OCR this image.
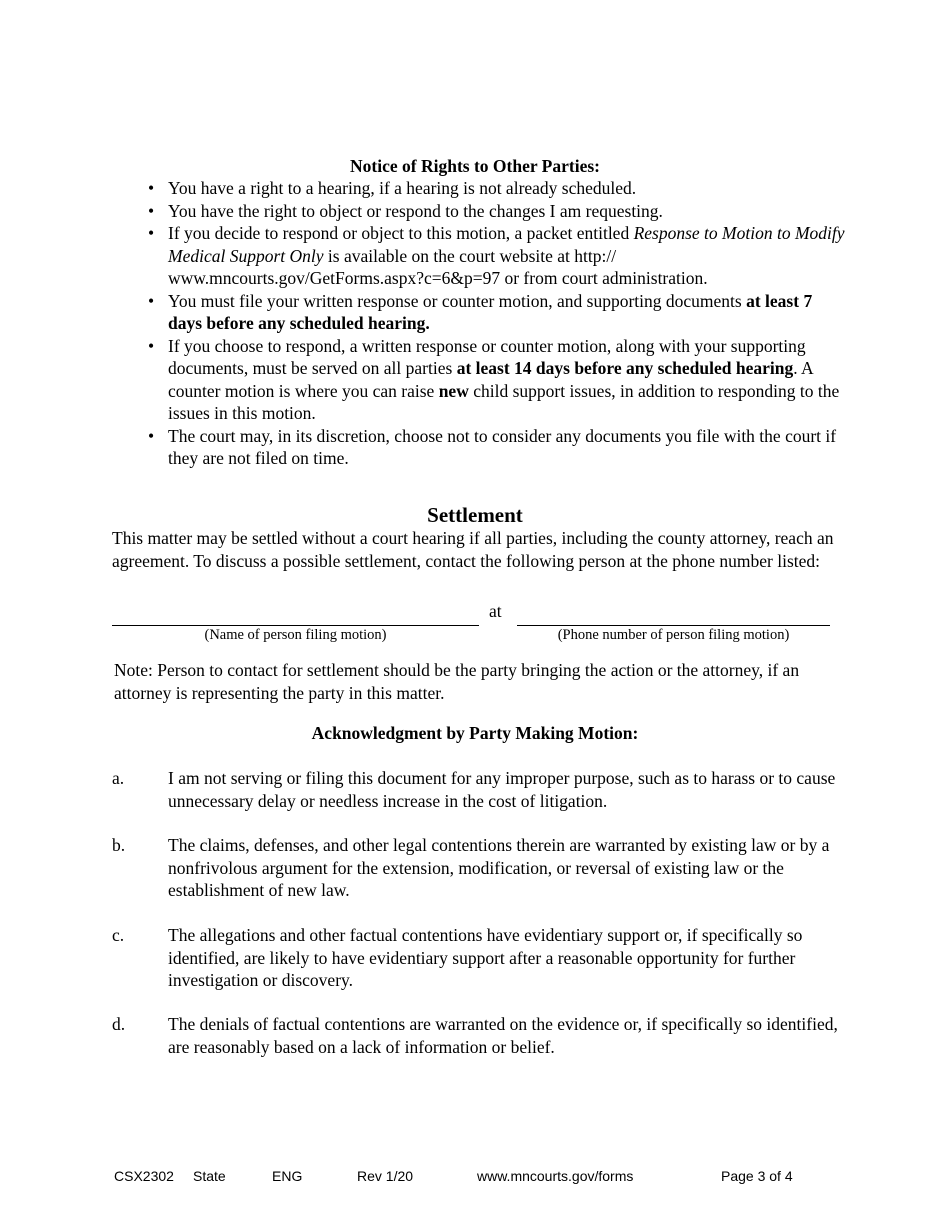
Notice of Rights to Other Parties:
• You have a right to a hearing, if a hearing is not already scheduled.
• You have the right to object or respond to the changes I am requesting.
• If you decide to respond or object to this motion, a packet entitled Response to Motion to Modify Medical Support Only is available on the court website at http:// www.mncourts.gov/GetForms.aspx?c=6&p=97 or from court administration.
• You must file your written response or counter motion, and supporting documents at least 7 days before any scheduled hearing.
• If you choose to respond, a written response or counter motion, along with your supporting documents, must be served on all parties at least 14 days before any scheduled hearing. A counter motion is where you can raise new child support issues, in addition to responding to the issues in this motion.
• The court may, in its discretion, choose not to consider any documents you file with the court if they are not filed on time.
Settlement

This matter may be settled without a court hearing if all parties, including the county attorney, reach an agreement. To discuss a possible settlement, contact the following person at the phone number listed:

at
(Name of person filing motion)	(Phone number of person filing motion)

Note: Person to contact for settlement should be the party bringing the action or the attorney, if an attorney is representing the party in this matter.

Acknowledgment by Party Making Motion:
a.	I am not serving or filing this document for any improper purpose, such as to harass or to cause unnecessary delay or needless increase in the cost of litigation.
b. The claims, defenses, and other legal contentions therein are warranted by existing law or by a nonfrivolous argument for the extension, modification, or reversal of existing law or the establishment of new law.
c.	The allegations and other factual contentions have evidentiary support or, if specifically so identified, are likely to have evidentiary support after a reasonable opportunity for further investigation or discovery.
d. The denials of factual contentions are warranted on the evidence or, if specifically so identified, are reasonably based on a lack of information or belief.
CSX2302 State	ENG	Rev 1/20	www.mncourts.gov/forms	Page 3 of 4
